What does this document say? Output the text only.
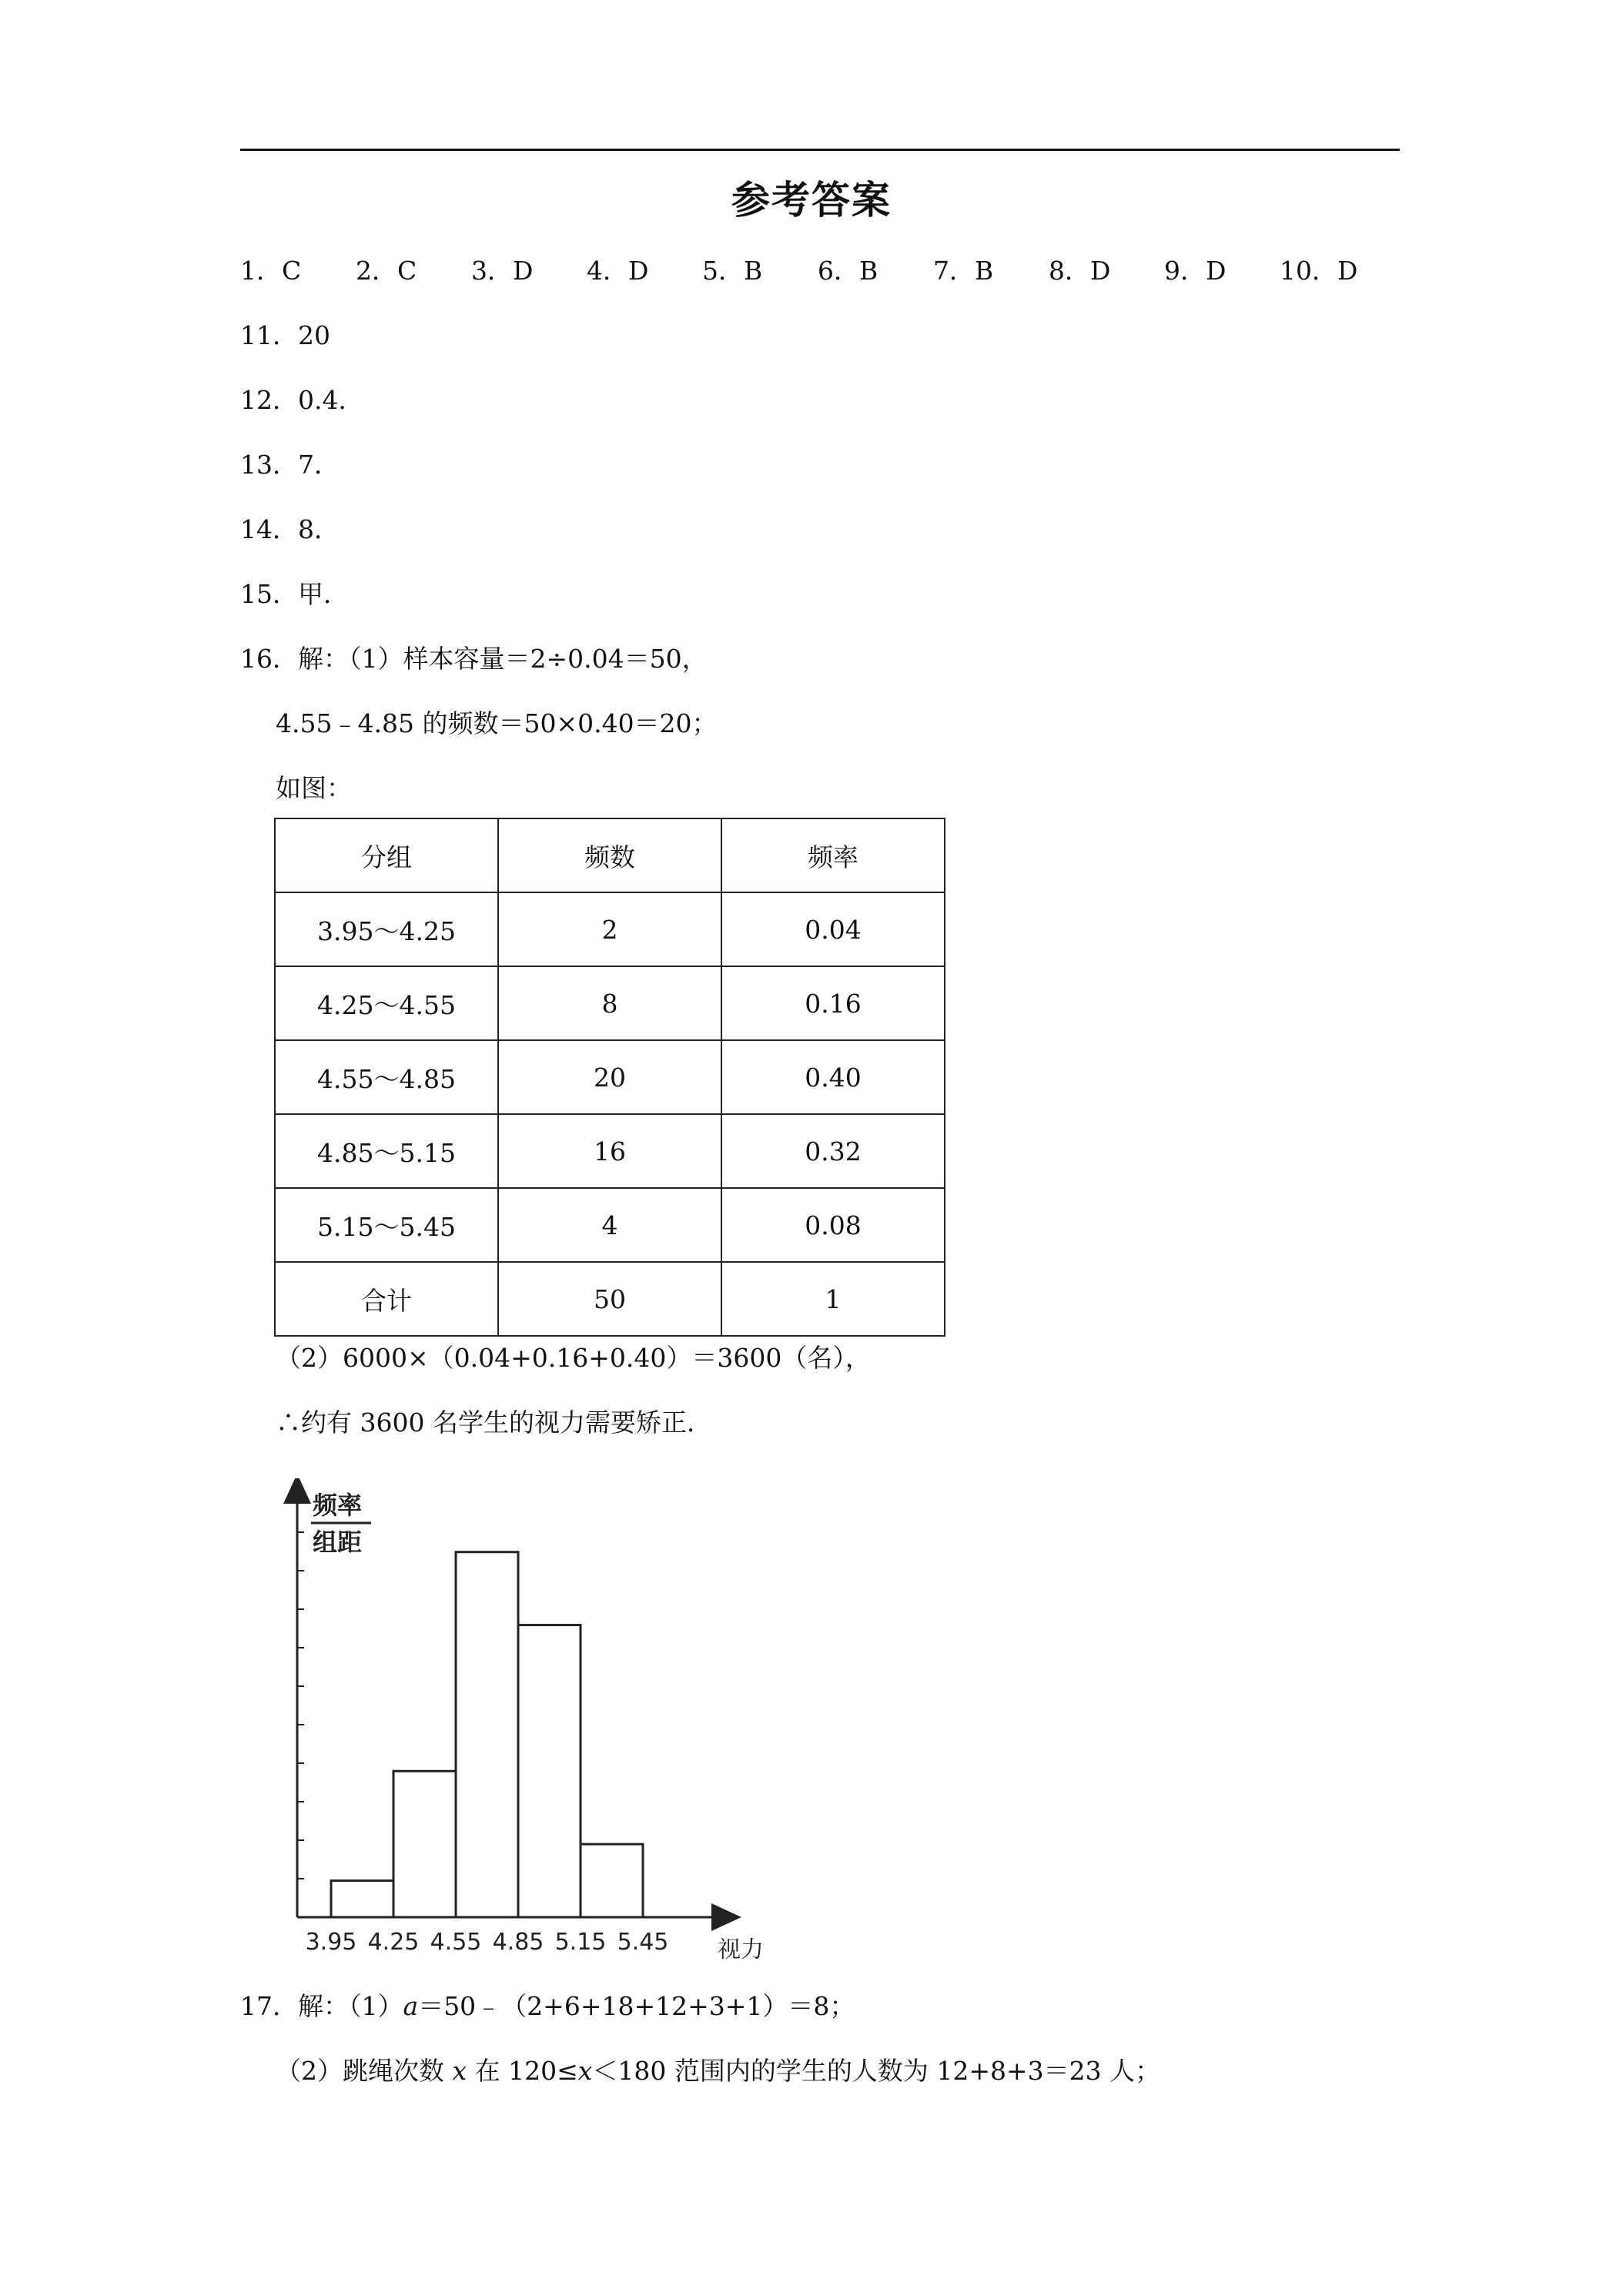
参考答案
1．C 2．C 3．D 4．D 5．B 6．B 7．B 8．D 9．D 10．D
11．20
12．0.4．
13．7．
14．8．
15．甲．
16．解：（1）样本容量＝2÷0.04＝50，
4.55﹣4.85 的频数＝50×0.40＝20；
如图：
分组	频数	频率
3.95～4.25	2	0.04
4.25～4.55	8	0.16
4.55～4.85	20	0.40
4.85～5.15	16	0.32
5.15～5.45	4	0.08
合计	50	1
（2）6000×（0.04+0.16+0.40）＝3600（名），
∴约有 3600 名学生的视力需要矫正．
3.95 4.25 4.55 4.85 5.15 5.45
频率
组距
视力
17．解：（1）a＝50﹣（2+6+18+12+3+1）＝8；
（2）跳绳次数 x 在 120≤x＜180 范围内的学生的人数为 12+8+3＝23 人；
